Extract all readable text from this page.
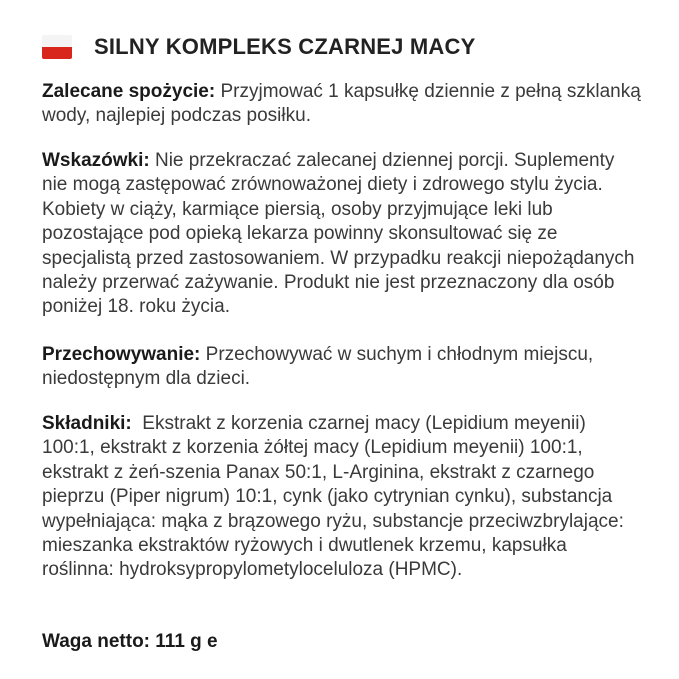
SILNY KOMPLEKS CZARNEJ MACY
Zalecane spożycie: Przyjmować 1 kapsułkę dziennie z pełną szklanką wody, najlepiej podczas posiłku.
Wskazówki: Nie przekraczać zalecanej dziennej porcji. Suplementy nie mogą zastępować zrównoważonej diety i zdrowego stylu życia. Kobiety w ciąży, karmiące piersią, osoby przyjmujące leki lub pozostające pod opieką lekarza powinny skonsultować się ze specjalistą przed zastosowaniem. W przypadku reakcji niepożądanych należy przerwać zażywanie. Produkt nie jest przeznaczony dla osób poniżej 18. roku życia.
Przechowywanie: Przechowywać w suchym i chłodnym miejscu, niedostępnym dla dzieci.
Składniki:  Ekstrakt z korzenia czarnej macy (Lepidium meyenii) 100:1, ekstrakt z korzenia żółtej macy (Lepidium meyenii) 100:1, ekstrakt z żeń-szenia Panax 50:1, L-Arginina, ekstrakt z czarnego pieprzu (Piper nigrum) 10:1, cynk (jako cytrynian cynku), substancja wypełniająca: mąka z brązowego ryżu, substancje przeciwzbrylające: mieszanka ekstraktów ryżowych i dwutlenek krzemu, kapsułka roślinna: hydroksypropylometyloceluloza (HPMC).
Waga netto: 111 g e
